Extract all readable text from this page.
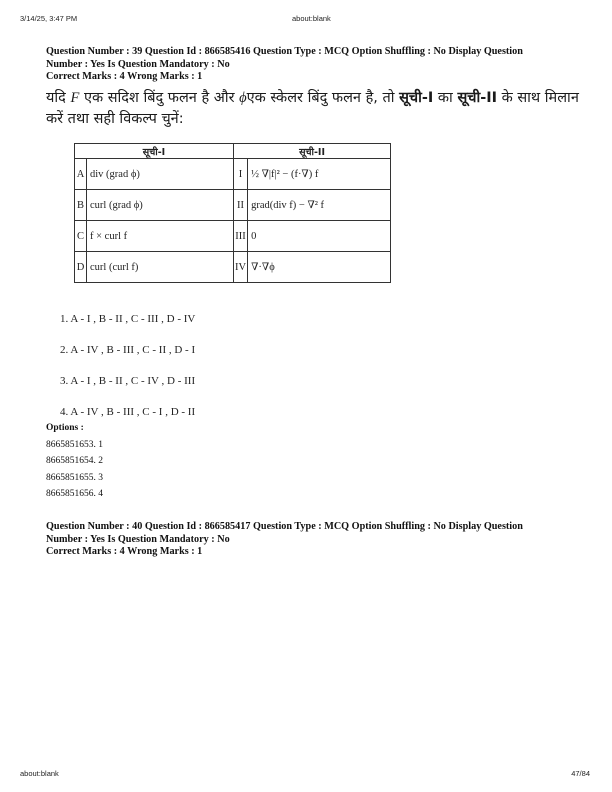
3/14/25, 3:47 PM	about:blank
Question Number : 39 Question Id : 866585416 Question Type : MCQ Option Shuffling : No Display Question
Number : Yes Is Question Mandatory : No
Correct Marks : 4 Wrong Marks : 1
यदि F एक सदिश बिंदु फलन है और ϕएक स्केलर बिंदु फलन है, तो सूची-I का सूची-II के साथ मिलान
करें तथा सही विकल्प चुनें:
सूची-I		सूची-II	
A	div (grad ϕ)	I	½ ∇|f|² − (f·∇) f
B	curl (grad ϕ)	II	grad(div f) − ∇² f
C	f × curl f	III	0
D	curl (curl f)	IV	∇·∇ϕ
1. A - I , B - II , C - III , D - IV
2. A - IV , B - III , C - II , D - I
3. A - I , B - II , C - IV , D - III
4. A - IV , B - III , C - I , D - II
Options :
8665851653. 1
8665851654. 2
8665851655. 3
8665851656. 4
Question Number : 40 Question Id : 866585417 Question Type : MCQ Option Shuffling : No Display Question
Number : Yes Is Question Mandatory : No
Correct Marks : 4 Wrong Marks : 1
about:blank	47/84
